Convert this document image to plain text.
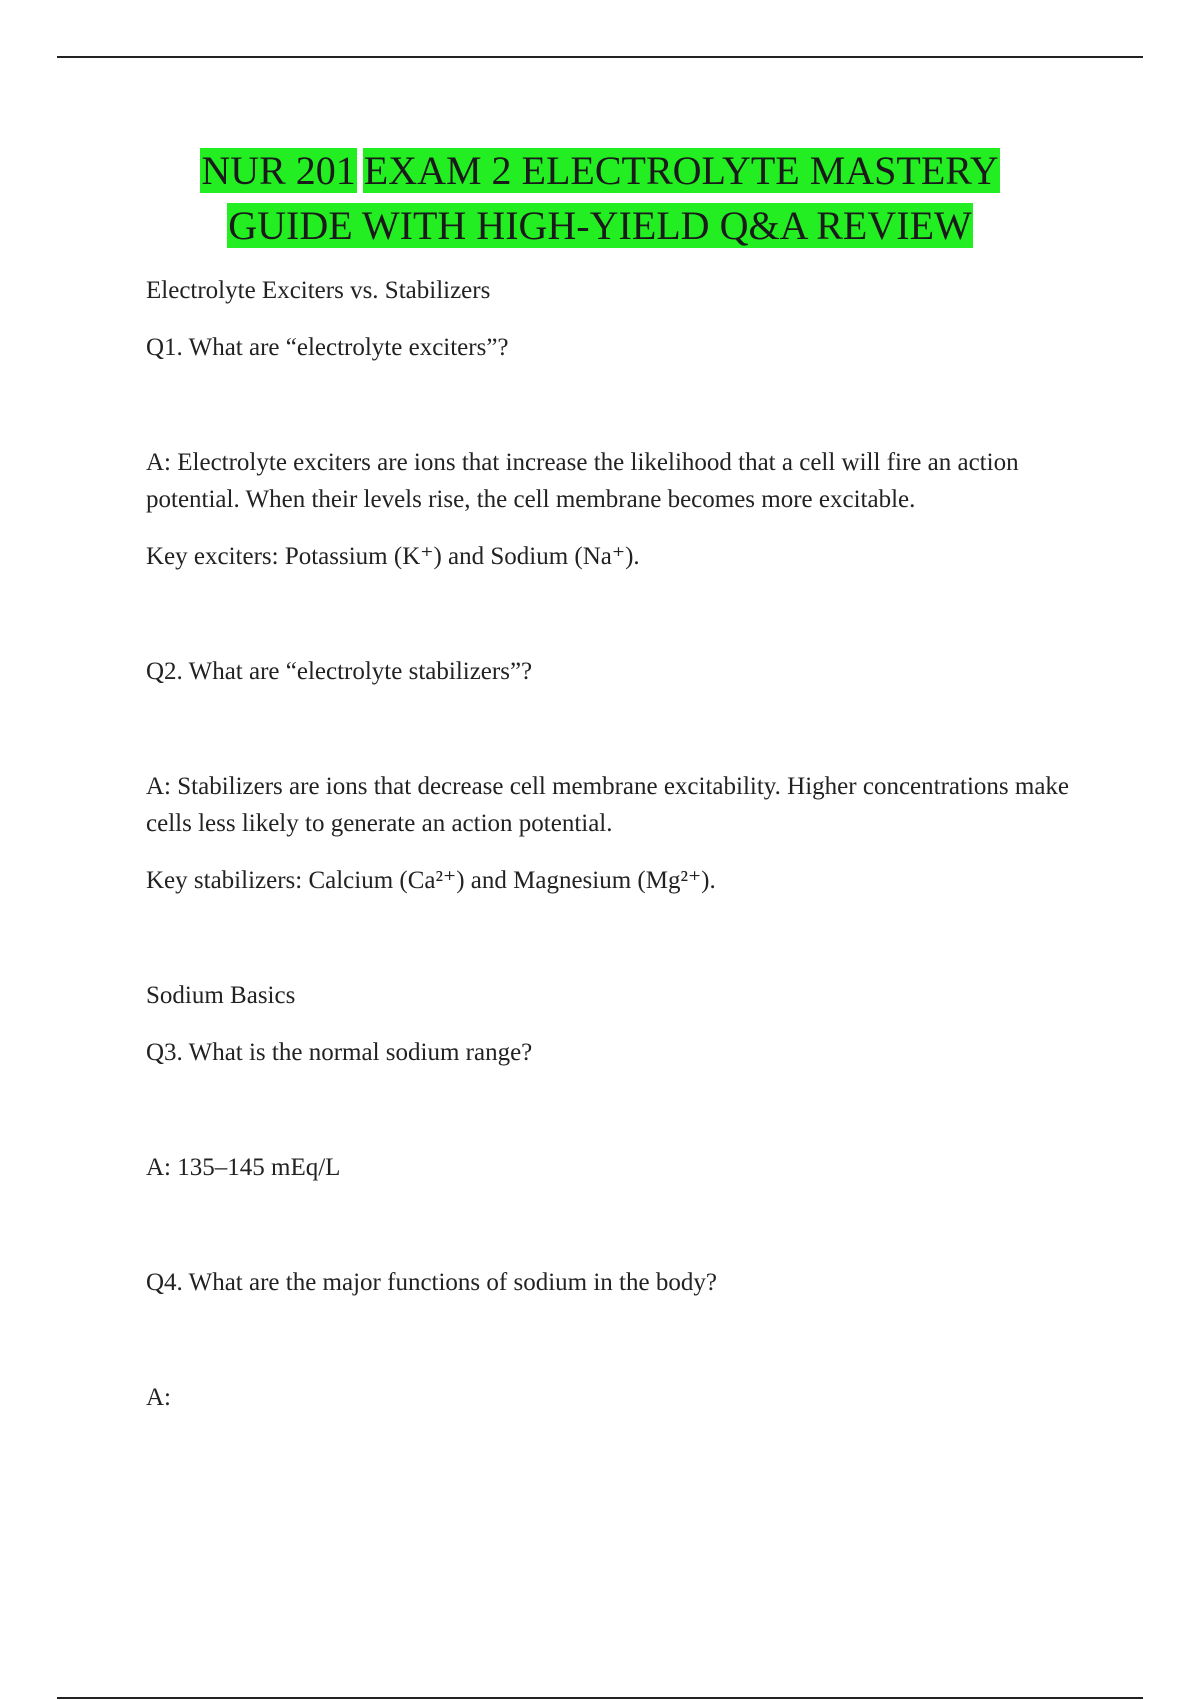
NUR 201 EXAM 2 ELECTROLYTE MASTERY
GUIDE WITH HIGH-YIELD Q&A REVIEW

Electrolyte Exciters vs. Stabilizers

Q1. What are “electrolyte exciters”?

A: Electrolyte exciters are ions that increase the likelihood that a cell will fire an action potential. When their levels rise, the cell membrane becomes more excitable.

Key exciters: Potassium (K⁺) and Sodium (Na⁺).

Q2. What are “electrolyte stabilizers”?

A: Stabilizers are ions that decrease cell membrane excitability. Higher concentrations make cells less likely to generate an action potential.

Key stabilizers: Calcium (Ca²⁺) and Magnesium (Mg²⁺).

Sodium Basics

Q3. What is the normal sodium range?

A: 135–145 mEq/L

Q4. What are the major functions of sodium in the body?

A:
